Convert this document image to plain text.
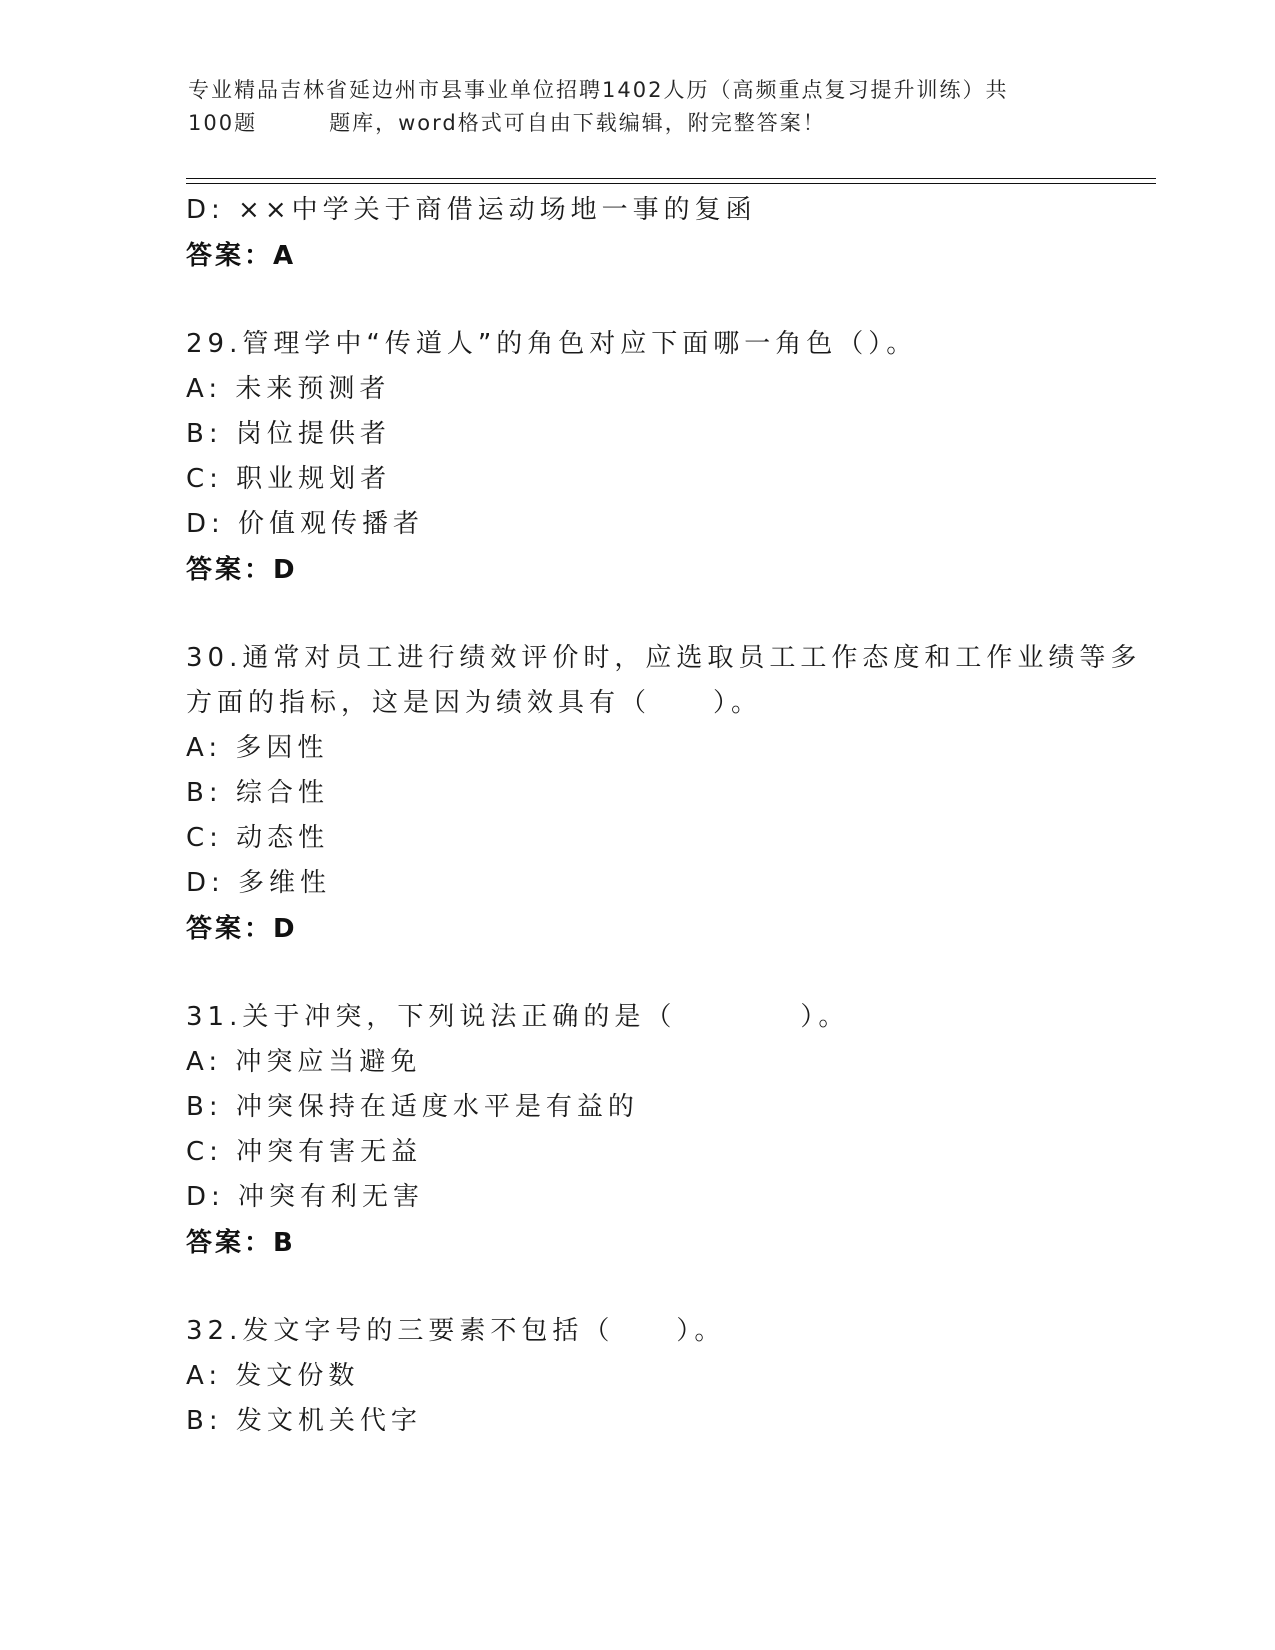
专业精品吉林省延边州市县事业单位招聘1402人历（高频重点复习提升训练）共
100题	题库，word格式可自由下载编辑，附完整答案！
D: ××中学关于商借运动场地一事的复函
答案：A
29.管理学中“传道人”的角色对应下面哪一角色（）。
A: 未来预测者
B: 岗位提供者
C: 职业规划者
D: 价值观传播者
答案：D
30.通常对员工进行绩效评价时，应选取员工工作态度和工作业绩等多
方面的指标，这是因为绩效具有（　　）。
A: 多因性
B: 综合性
C: 动态性
D: 多维性
答案：D
31.关于冲突，下列说法正确的是（　　　　）。
A: 冲突应当避免
B: 冲突保持在适度水平是有益的
C: 冲突有害无益
D: 冲突有利无害
答案：B
32.发文字号的三要素不包括（　　）。
A: 发文份数
B: 发文机关代字
